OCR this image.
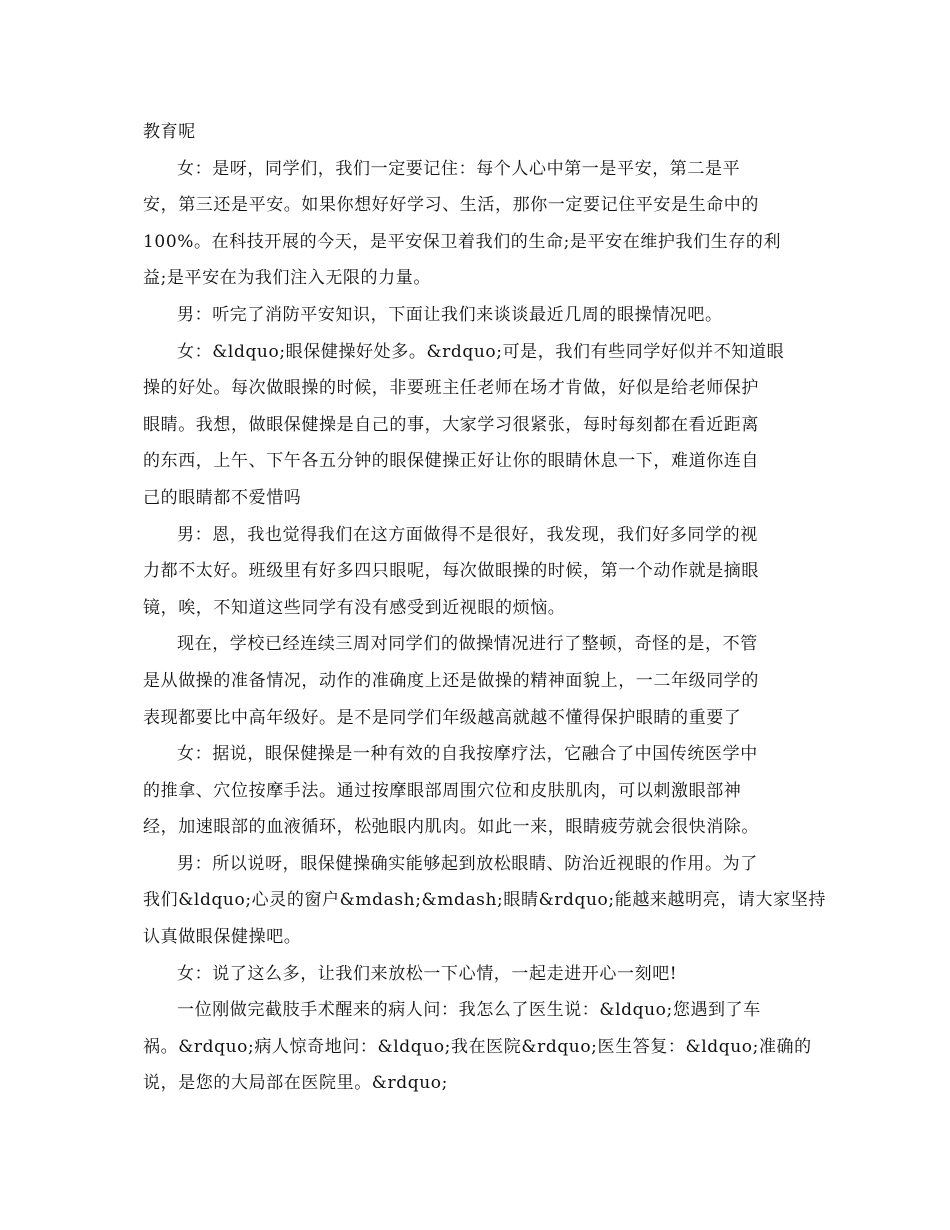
教育呢

女：是呀，同学们，我们一定要记住：每个人心中第一是平安，第二是平
安，第三还是平安。如果你想好好学习、生活，那你一定要记住平安是生命中的
100%。在科技开展的今天，是平安保卫着我们的生命;是平安在维护我们生存的利
益;是平安在为我们注入无限的力量。

男：听完了消防平安知识，下面让我们来谈谈最近几周的眼操情况吧。

女：&ldquo;眼保健操好处多。&rdquo;可是，我们有些同学好似并不知道眼
操的好处。每次做眼操的时候，非要班主任老师在场才肯做，好似是给老师保护
眼睛。我想，做眼保健操是自己的事，大家学习很紧张，每时每刻都在看近距离
的东西，上午、下午各五分钟的眼保健操正好让你的眼睛休息一下，难道你连自
己的眼睛都不爱惜吗

男：恩，我也觉得我们在这方面做得不是很好，我发现，我们好多同学的视
力都不太好。班级里有好多四只眼呢，每次做眼操的时候，第一个动作就是摘眼
镜，唉，不知道这些同学有没有感受到近视眼的烦恼。

现在，学校已经连续三周对同学们的做操情况进行了整顿，奇怪的是，不管
是从做操的准备情况，动作的准确度上还是做操的精神面貌上，一二年级同学的
表现都要比中高年级好。是不是同学们年级越高就越不懂得保护眼睛的重要了

女：据说，眼保健操是一种有效的自我按摩疗法，它融合了中国传统医学中
的推拿、穴位按摩手法。通过按摩眼部周围穴位和皮肤肌肉，可以刺激眼部神
经，加速眼部的血液循环，松弛眼内肌肉。如此一来，眼睛疲劳就会很快消除。

男：所以说呀，眼保健操确实能够起到放松眼睛、防治近视眼的作用。为了
我们&ldquo;心灵的窗户&mdash;&mdash;眼睛&rdquo;能越来越明亮，请大家坚持
认真做眼保健操吧。

女：说了这么多，让我们来放松一下心情，一起走进开心一刻吧!

一位刚做完截肢手术醒来的病人问：我怎么了医生说：&ldquo;您遇到了车
祸。&rdquo;病人惊奇地问：&ldquo;我在医院&rdquo;医生答复：&ldquo;准确的
说，是您的大局部在医院里。&rdquo;
